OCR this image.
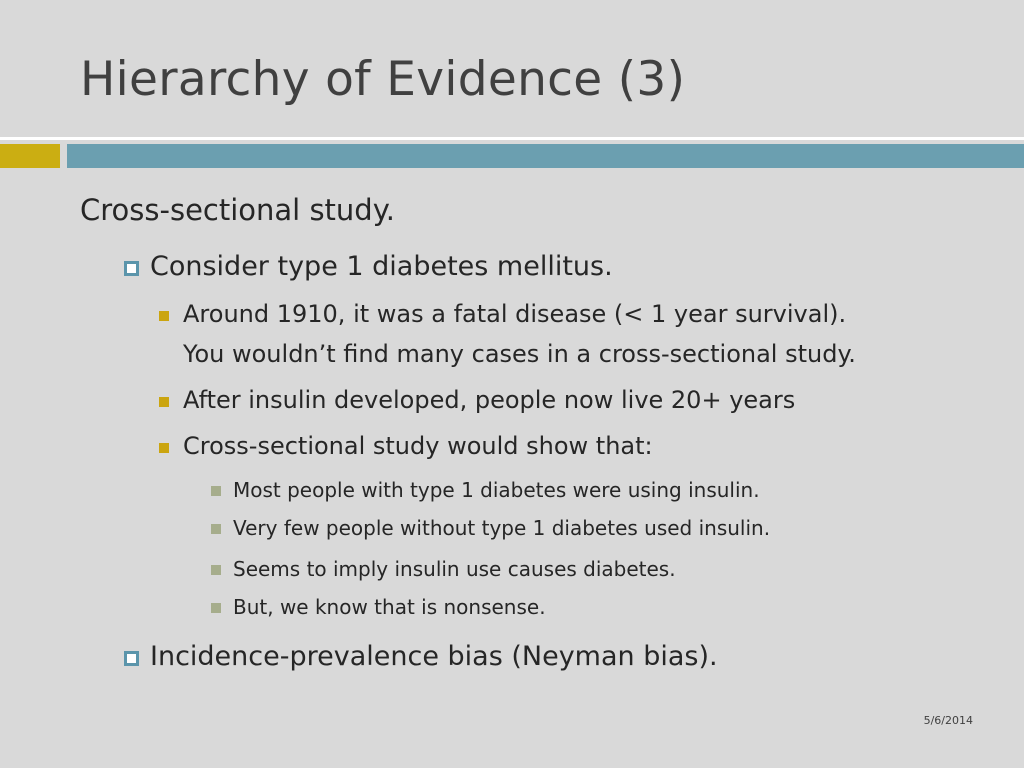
Hierarchy of Evidence (3)
Cross-sectional study.
Consider type 1 diabetes mellitus.
Around 1910, it was a fatal disease (< 1 year survival).
You wouldn’t find many cases in a cross-sectional study.
After insulin developed, people now live 20+ years
Cross-sectional study would show that:
Most people with type 1 diabetes were using insulin.
Very few people without type 1 diabetes used insulin.
Seems to imply insulin use causes diabetes.
But, we know that is nonsense.
Incidence-prevalence bias (Neyman bias).
5/6/2014
